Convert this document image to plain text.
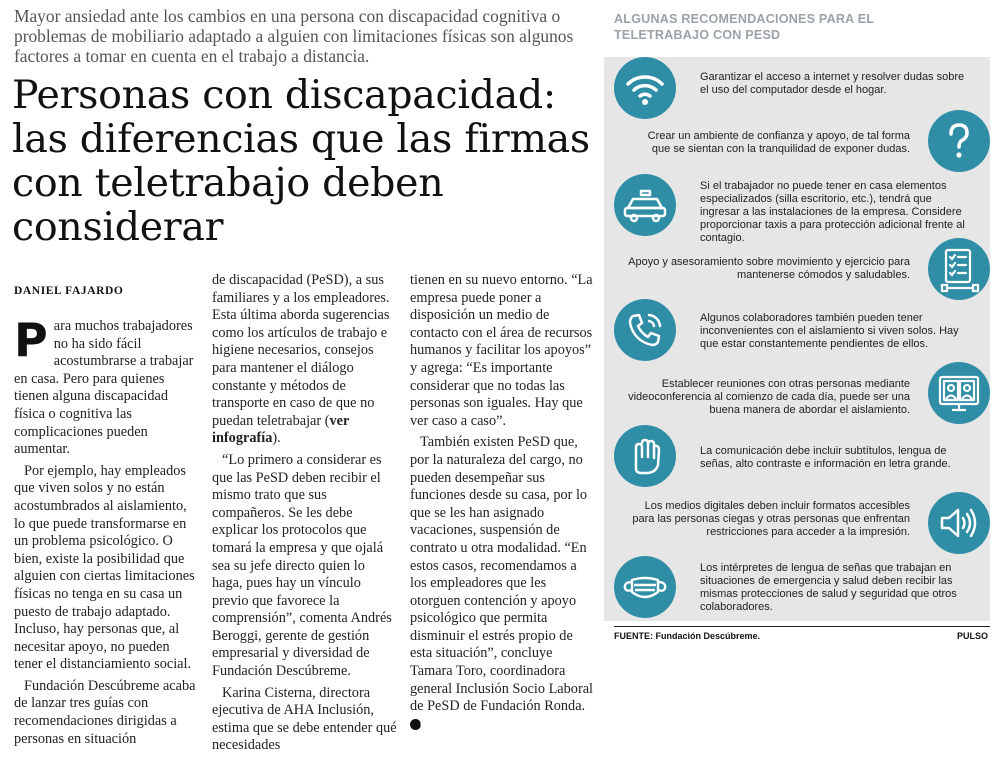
Mayor ansiedad ante los cambios en una persona con discapacidad cognitiva o problemas de mobiliario adaptado a alguien con limitaciones físicas son algunos factores a tomar en cuenta en el trabajo a distancia.

Personas con discapacidad: las diferencias que las firmas con teletrabajo deben considerar
DANIEL FAJARDO

Para muchos trabajadores no ha sido fácil acostumbrarse a trabajar en casa. Pero para quienes tienen alguna discapacidad física o cognitiva las complicaciones pueden aumentar.

Por ejemplo, hay empleados que viven solos y no están acostumbrados al aislamiento, lo que puede transformarse en un problema psicológico. O bien, existe la posibilidad que alguien con ciertas limitaciones físicas no tenga en su casa un puesto de trabajo adaptado. Incluso, hay personas que, al necesitar apoyo, no pueden tener el distanciamiento social.

Fundación Descúbreme acaba de lanzar tres guías con recomendaciones dirigidas a personas en situación

de discapacidad (PeSD), a sus familiares y a los empleadores. Esta última aborda sugerencias como los artículos de trabajo e higiene necesarios, consejos para mantener el diálogo constante y métodos de transporte en caso de que no puedan teletrabajar (ver infografía).

“Lo primero a considerar es que las PeSD deben recibir el mismo trato que sus compañeros. Se les debe explicar los protocolos que tomará la empresa y que ojalá sea su jefe directo quien lo haga, pues hay un vínculo previo que favorece la comprensión”, comenta Andrés Beroggi, gerente de gestión empresarial y diversidad de Fundación Descúbreme.

Karina Cisterna, directora ejecutiva de AHA Inclusión, estima que se debe entender qué necesidades

tienen en su nuevo entorno. “La empresa puede poner a disposición un medio de contacto con el área de recursos humanos y facilitar los apoyos” y agrega: “Es importante considerar que no todas las personas son iguales. Hay que ver caso a caso”.

También existen PeSD que, por la naturaleza del cargo, no pueden desempeñar sus funciones desde su casa, por lo que se les han asignado vacaciones, suspensión de contrato u otra modalidad. “En estos casos, recomendamos a los empleadores que les otorguen contención y apoyo psicológico que permita disminuir el estrés propio de esta situación”, concluye Tamara Toro, coordinadora general Inclusión Socio Laboral de PeSD de Fundación Ronda. P

ALGUNAS RECOMENDACIONES PARA EL TELETRABAJO CON PESD
Garantizar el acceso a internet y resolver dudas sobre el uso del computador desde el hogar.
Crear un ambiente de confianza y apoyo, de tal forma que se sientan con la tranquilidad de exponer dudas.
Si el trabajador no puede tener en casa elementos especializados (silla escritorio, etc.), tendrá que ingresar a las instalaciones de la empresa. Considere proporcionar taxis a para protección adicional frente al contagio.
Apoyo y asesoramiento sobre movimiento y ejercicio para mantenerse cómodos y saludables.
Algunos colaboradores también pueden tener inconvenientes con el aislamiento si viven solos. Hay que estar constantemente pendientes de ellos.
Establecer reuniones con otras personas mediante videoconferencia al comienzo de cada día, puede ser una buena manera de abordar el aislamiento.
La comunicación debe incluir subtítulos, lengua de señas, alto contraste e información en letra grande.
Los medios digitales deben incluir formatos accesibles para las personas ciegas y otras personas que enfrentan restricciones para acceder a la impresión.
Los intérpretes de lengua de señas que trabajan en situaciones de emergencia y salud deben recibir las mismas protecciones de salud y seguridad que otros colaboradores.
FUENTE: Fundación Descúbreme.	PULSO
